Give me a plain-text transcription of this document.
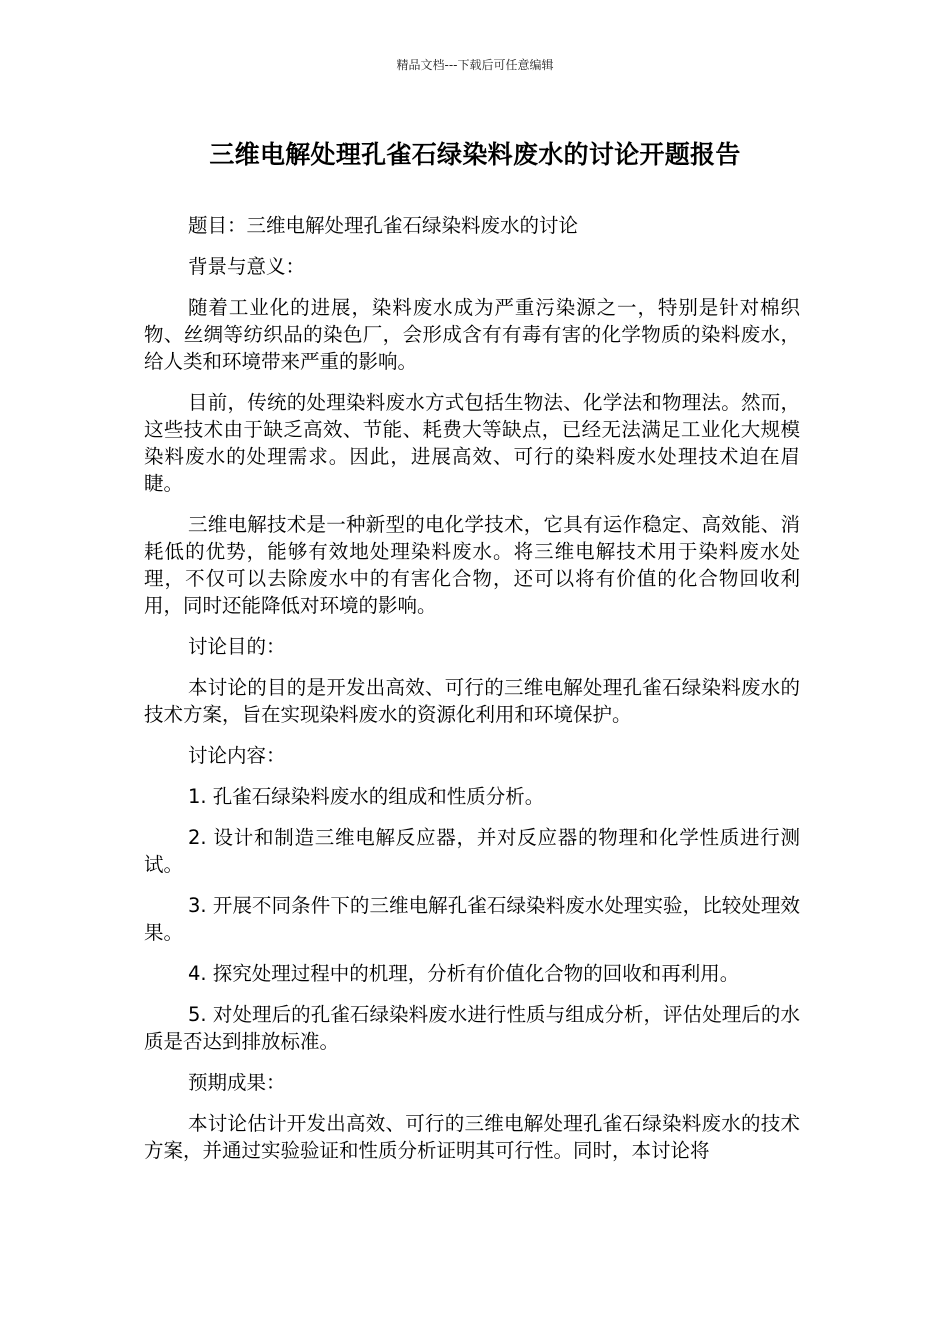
精品文档---下载后可任意编辑
三维电解处理孔雀石绿染料废水的讨论开题报告

题目：三维电解处理孔雀石绿染料废水的讨论

背景与意义：

随着工业化的进展，染料废水成为严重污染源之一，特别是针对棉织物、丝绸等纺织品的染色厂，会形成含有有毒有害的化学物质的染料废水，给人类和环境带来严重的影响。

目前，传统的处理染料废水方式包括生物法、化学法和物理法。然而，这些技术由于缺乏高效、节能、耗费大等缺点，已经无法满足工业化大规模染料废水的处理需求。因此，进展高效、可行的染料废水处理技术迫在眉睫。

三维电解技术是一种新型的电化学技术，它具有运作稳定、高效能、消耗低的优势，能够有效地处理染料废水。将三维电解技术用于染料废水处理，不仅可以去除废水中的有害化合物，还可以将有价值的化合物回收利用，同时还能降低对环境的影响。

讨论目的：

本讨论的目的是开发出高效、可行的三维电解处理孔雀石绿染料废水的技术方案，旨在实现染料废水的资源化利用和环境保护。

讨论内容：

1. 孔雀石绿染料废水的组成和性质分析。

2. 设计和制造三维电解反应器，并对反应器的物理和化学性质进行测试。

3. 开展不同条件下的三维电解孔雀石绿染料废水处理实验，比较处理效果。

4. 探究处理过程中的机理，分析有价值化合物的回收和再利用。

5. 对处理后的孔雀石绿染料废水进行性质与组成分析，评估处理后的水质是否达到排放标准。

预期成果：

本讨论估计开发出高效、可行的三维电解处理孔雀石绿染料废水的技术方案，并通过实验验证和性质分析证明其可行性。同时，本讨论将
